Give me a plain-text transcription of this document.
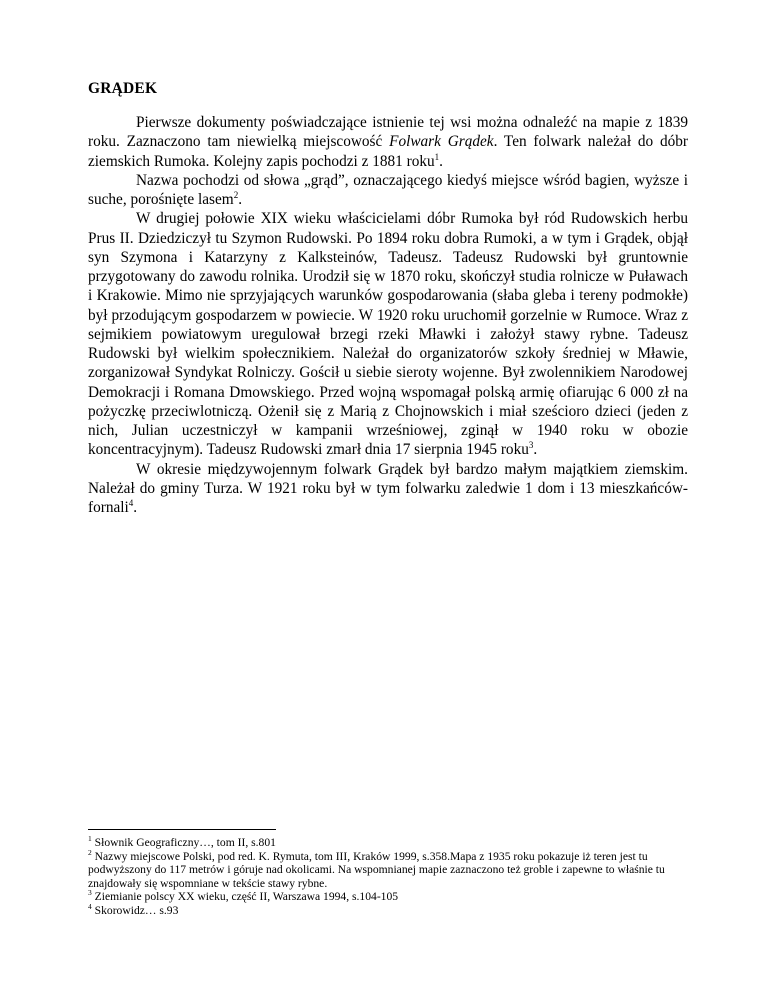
GRĄDEK

Pierwsze dokumenty poświadczające istnienie tej wsi można odnaleźć na mapie z 1839 roku. Zaznaczono tam niewielką miejscowość Folwark Grądek. Ten folwark należał do dóbr ziemskich Rumoka. Kolejny zapis pochodzi z 1881 roku$^1$.

Nazwa pochodzi od słowa „grąd”, oznaczającego kiedyś miejsce wśród bagien, wyższe i suche, porośnięte lasem$^2$.

W drugiej połowie XIX wieku właścicielami dóbr Rumoka był ród Rudowskich herbu Prus II. Dziedziczył tu Szymon Rudowski. Po 1894 roku dobra Rumoki, a w tym i Grądek, objął syn Szymona i Katarzyny z Kalksteinów, Tadeusz. Tadeusz Rudowski był gruntownie przygotowany do zawodu rolnika. Urodził się w 1870 roku, skończył studia rolnicze w Puławach i Krakowie. Mimo nie sprzyjających warunków gospodarowania (słaba gleba i tereny podmokłe) był przodującym gospodarzem w powiecie. W 1920 roku uruchomił gorzelnie w Rumoce. Wraz z sejmikiem powiatowym uregulował brzegi rzeki Mławki i założył stawy rybne. Tadeusz Rudowski był wielkim społecznikiem. Należał do organizatorów szkoły średniej w Mławie, zorganizował Syndykat Rolniczy. Gościł u siebie sieroty wojenne. Był zwolennikiem Narodowej Demokracji i Romana Dmowskiego. Przed wojną wspomagał polską armię ofiarując 6 000 zł na pożyczkę przeciwlotniczą. Ożenił się z Marią z Chojnowskich i miał sześcioro dzieci (jeden z nich, Julian uczestniczył w kampanii wrześniowej, zginął w 1940 roku w obozie koncentracyjnym). Tadeusz Rudowski zmarł dnia 17 sierpnia 1945 roku$^3$.

W okresie międzywojennym folwark Grądek był bardzo małym majątkiem ziemskim. Należał do gminy Turza. W 1921 roku był w tym folwarku zaledwie 1 dom i 13 mieszkańców-fornali$^4$.

$^1$ Słownik Geograficzny…, tom II, s.801
$^2$ Nazwy miejscowe Polski, pod red. K. Rymuta, tom III, Kraków 1999, s.358.Mapa z 1935 roku pokazuje iż teren jest tu podwyższony do 117 metrów i góruje nad okolicami. Na wspomnianej mapie zaznaczono też groble i zapewne to właśnie tu znajdowały się wspomniane w tekście stawy rybne.
$^3$ Ziemianie polscy XX wieku, część II, Warszawa 1994, s.104-105
$^4$ Skorowidz… s.93
